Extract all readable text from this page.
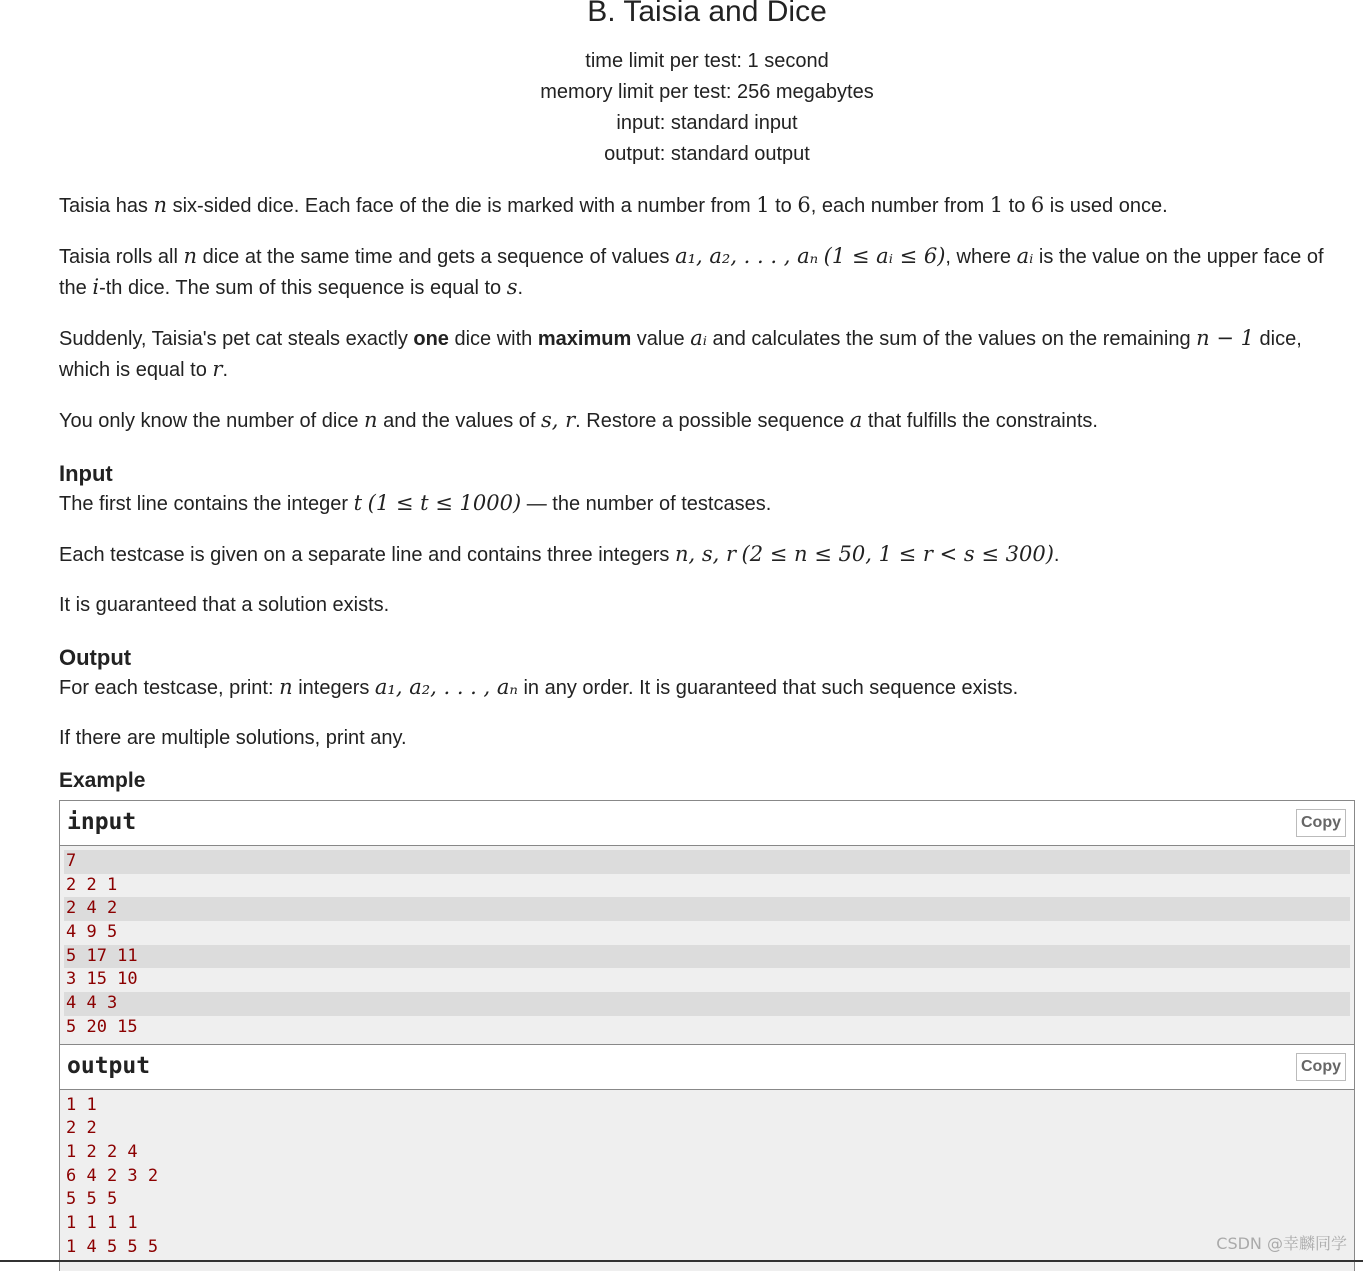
B. Taisia and Dice
time limit per test: 1 second
memory limit per test: 256 megabytes
input: standard input
output: standard output

Taisia has n six-sided dice. Each face of the die is marked with a number from 1 to 6, each number from 1 to 6 is used once.

Taisia rolls all n dice at the same time and gets a sequence of values a₁, a₂, . . . , aₙ (1 ≤ aᵢ ≤ 6), where aᵢ is the value on the upper face of the i-th dice. The sum of this sequence is equal to s.

Suddenly, Taisia's pet cat steals exactly one dice with maximum value aᵢ and calculates the sum of the values on the remaining n − 1 dice, which is equal to r.

You only know the number of dice n and the values of s, r. Restore a possible sequence a that fulfills the constraints.

Input

The first line contains the integer t (1 ≤ t ≤ 1000) — the number of testcases.

Each testcase is given on a separate line and contains three integers n, s, r (2 ≤ n ≤ 50, 1 ≤ r < s ≤ 300).

It is guaranteed that a solution exists.

Output

For each testcase, print: n integers a₁, a₂, . . . , aₙ in any order. It is guaranteed that such sequence exists.

If there are multiple solutions, print any.

Example
input	Copy
7
2 2 1
2 4 2
4 9 5
5 17 11
3 15 10
4 4 3
5 20 15
output	Copy
1 1
2 2
1 2 2 4
6 4 2 3 2
5 5 5
1 1 1 1
1 4 5 5 5	CSDN @幸麟同学
